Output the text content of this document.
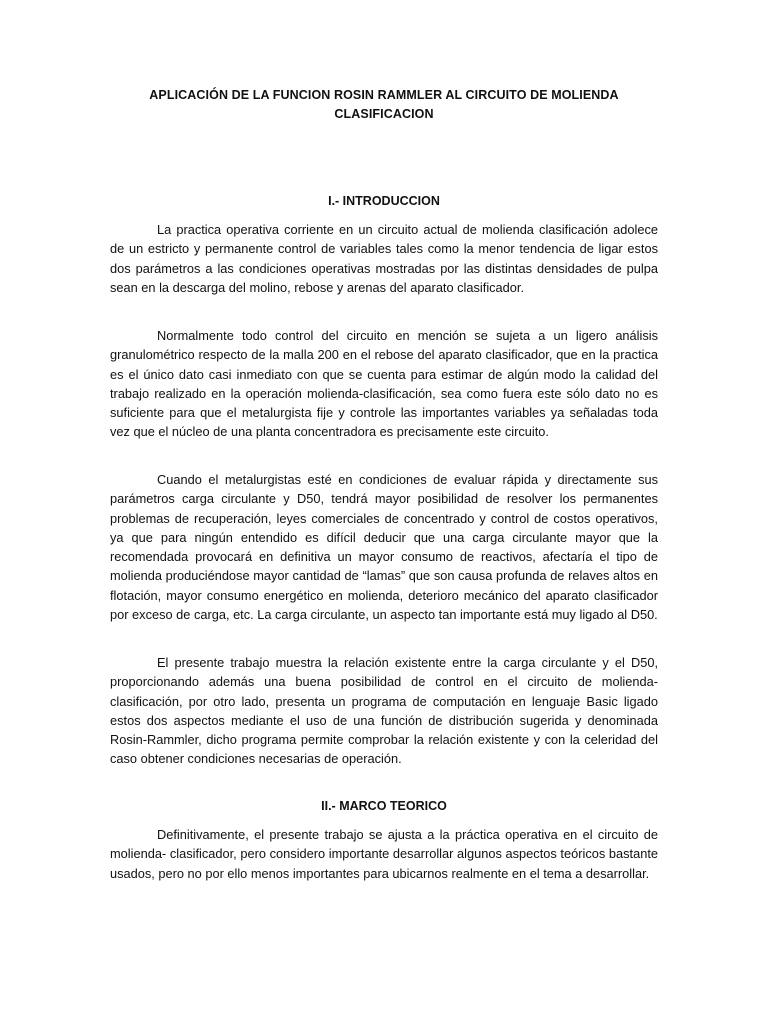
APLICACIÓN DE LA FUNCION ROSIN RAMMLER AL CIRCUITO DE MOLIENDA CLASIFICACION
I.- INTRODUCCION

La practica operativa corriente en un circuito actual de molienda clasificación adolece de un estricto y permanente control de variables tales como la menor tendencia de ligar estos dos parámetros a las condiciones operativas mostradas por las distintas densidades de pulpa sean en la descarga del molino, rebose y arenas del aparato clasificador.

Normalmente todo control del circuito en mención se sujeta a un ligero análisis granulométrico respecto de la malla 200 en el rebose del aparato clasificador, que en la practica es el único dato casi inmediato con que se cuenta para estimar de algún modo la calidad del trabajo realizado en la operación molienda-clasificación, sea como fuera este sólo dato no es suficiente para que el metalurgista fije y controle las importantes variables ya señaladas toda vez que el núcleo de una planta concentradora es precisamente este circuito.

Cuando el metalurgistas esté en condiciones de evaluar rápida y directamente sus parámetros carga circulante y D50, tendrá mayor posibilidad de resolver los permanentes problemas de recuperación, leyes comerciales de concentrado y control de costos operativos, ya que para ningún entendido es difícil deducir que una carga circulante mayor que la recomendada provocará en definitiva un mayor consumo de reactivos, afectaría el tipo de molienda produciéndose mayor cantidad de “lamas” que son causa profunda de relaves altos en flotación, mayor consumo energético en molienda, deterioro mecánico del aparato clasificador por exceso de carga, etc. La carga circulante, un aspecto tan importante está muy ligado al D50.

El presente trabajo muestra la relación existente entre la carga circulante y el D50, proporcionando además una buena posibilidad de control en el circuito de molienda-clasificación, por otro lado, presenta un programa de computación en lenguaje Basic ligado estos dos aspectos mediante el uso de una función de distribución sugerida y denominada Rosin-Rammler, dicho programa permite comprobar la relación existente y con la celeridad del caso obtener condiciones necesarias de operación.

II.- MARCO TEORICO

Definitivamente, el presente trabajo se ajusta a la práctica operativa en el circuito de molienda- clasificador, pero considero importante desarrollar algunos aspectos teóricos bastante usados, pero no por ello menos importantes para ubicarnos realmente en el tema a desarrollar.
